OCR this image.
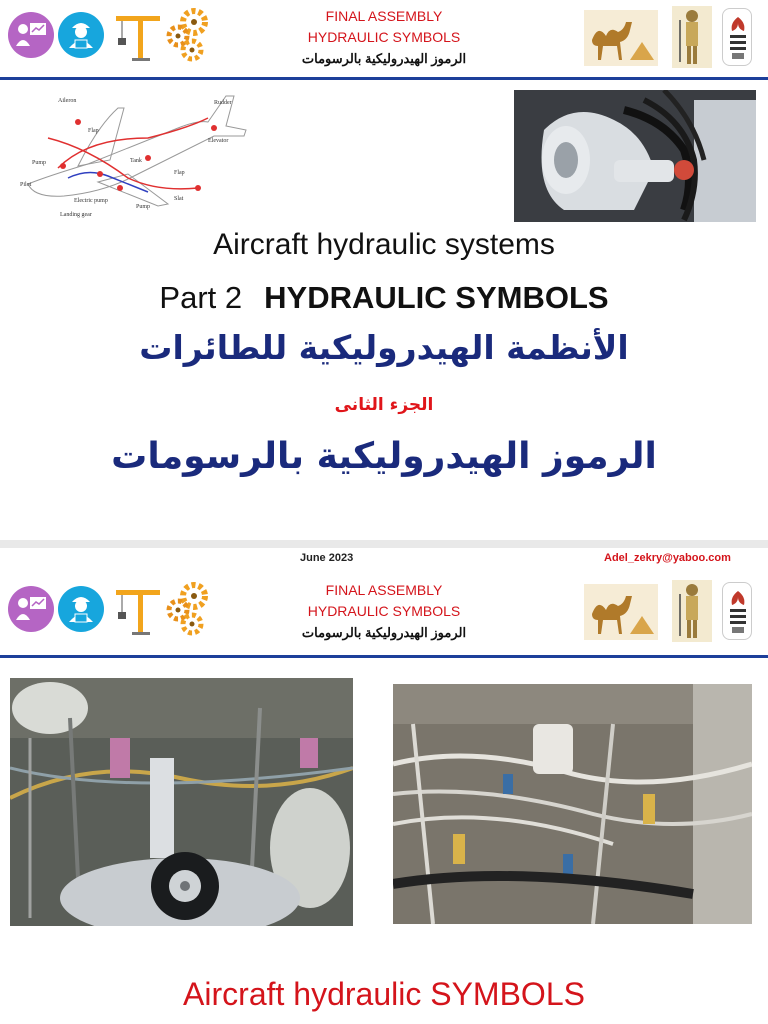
FINAL ASSEMBLY
HYDRAULIC SYMBOLS
الرموز الهيدروليكية بالرسومات
Aileron
Flap
Rudder
Elevator
Pump	Tank
Pilot
Flap
Slat
Electric pump
Pump
Landing gear
Aircraft hydraulic systems
Part 2 HYDRAULIC SYMBOLS
الأنظمة الهيدروليكية للطائرات
الجزء الثانى
الرموز الهيدروليكية بالرسومات
June 2023	Adel_zekry@yaboo.com
FINAL ASSEMBLY
HYDRAULIC SYMBOLS
الرموز الهيدروليكية بالرسومات
Aircraft hydraulic SYMBOLS
